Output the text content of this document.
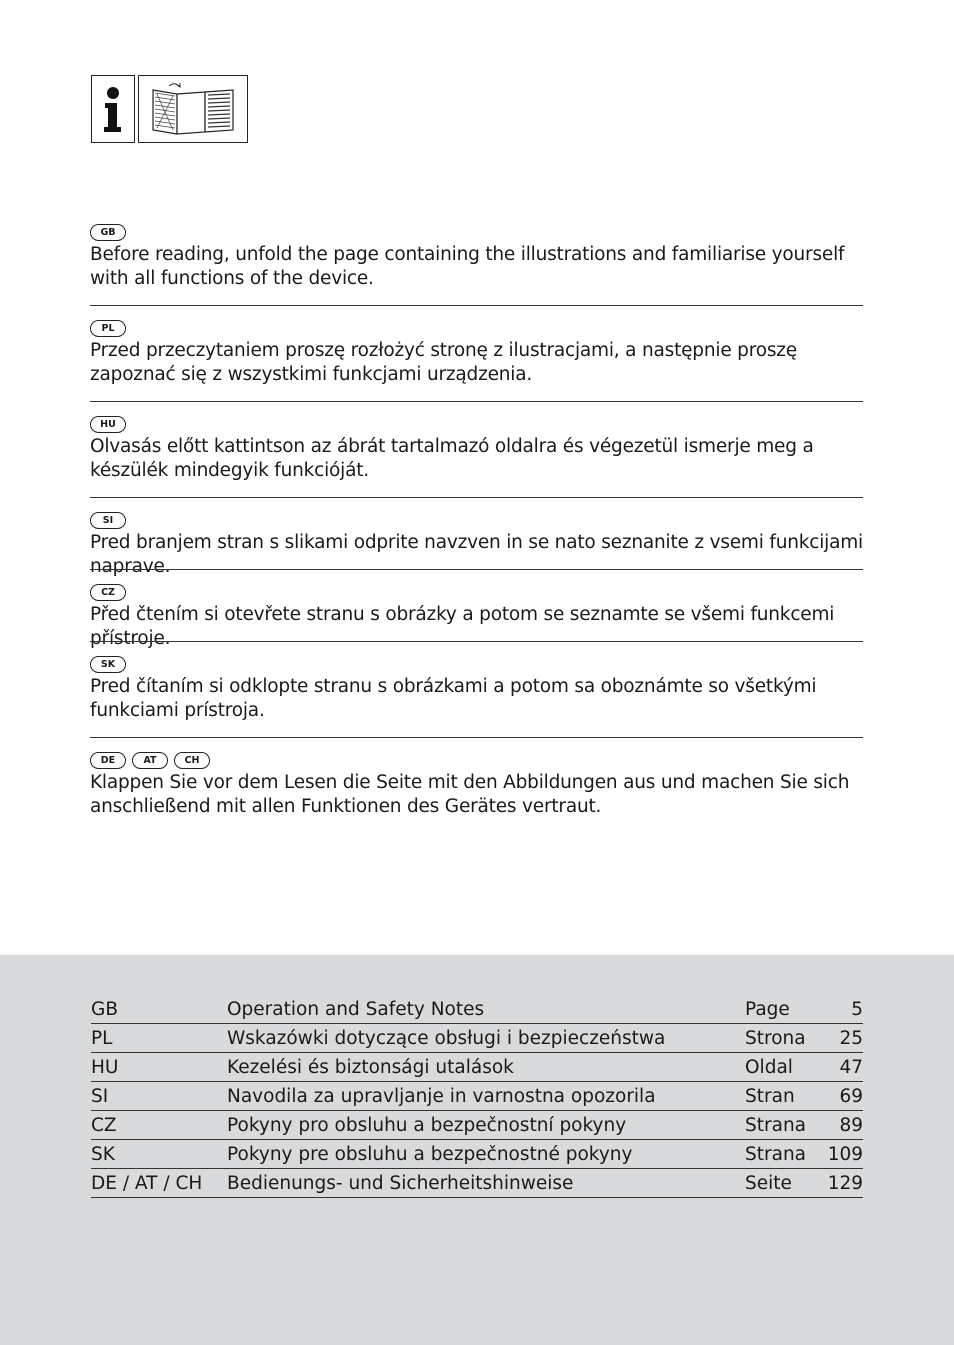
GB
Before reading, unfold the page containing the illustrations and familiarise yourself with all functions of the device.
PL
Przed przeczytaniem proszę rozłożyć stronę z ilustracjami, a następnie proszę zapoznać się z wszystkimi funkcjami urządzenia.
HU
Olvasás előtt kattintson az ábrát tartalmazó oldalra és végezetül ismerje meg a készülék mindegyik funkcióját.
SI
Pred branjem stran s slikami odprite navzven in se nato seznanite z vsemi funkcijami naprave.
CZ
Před čtením si otevřete stranu s obrázky a potom se seznamte se všemi funkcemi přístroje.
SK
Pred čítaním si odklopte stranu s obrázkami a potom sa oboznámte so všetkými funkciami prístroja.
DE	AT	CH
Klappen Sie vor dem Lesen die Seite mit den Abbildungen aus und machen Sie sich anschließend mit allen Funktionen des Gerätes vertraut.
GB	Operation and Safety Notes	Page	5
PL	Wskazówki dotyczące obsługi i bezpieczeństwa	Strona	25
HU	Kezelési és biztonsági utalások	Oldal	47
SI	Navodila za upravljanje in varnostna opozorila	Stran	69
CZ	Pokyny pro obsluhu a bezpečnostní pokyny	Strana	89
SK	Pokyny pre obsluhu a bezpečnostné pokyny	Strana	109
DE / AT / CH	Bedienungs- und Sicherheitshinweise	Seite	129
